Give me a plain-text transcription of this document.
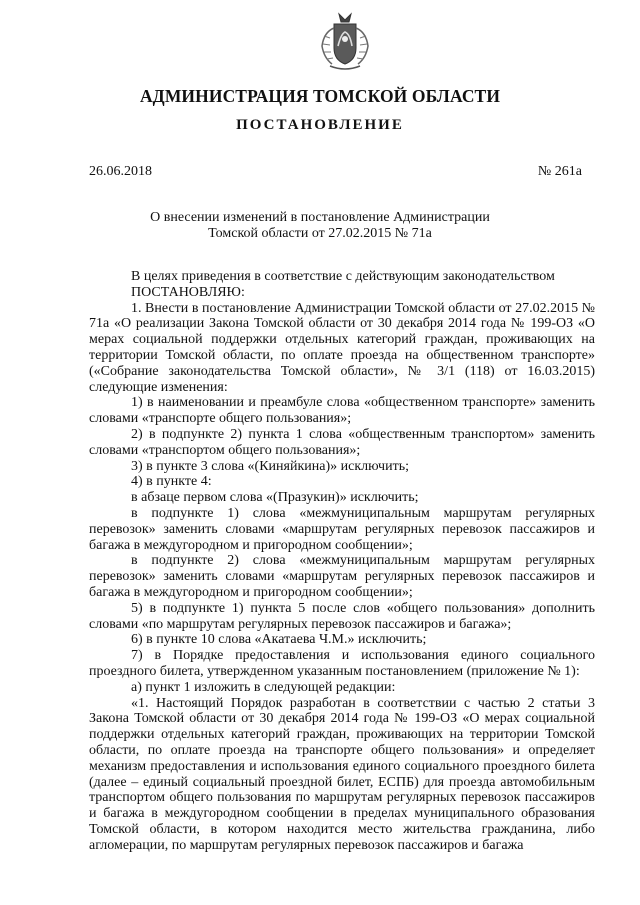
АДМИНИСТРАЦИЯ ТОМСКОЙ ОБЛАСТИ
ПОСТАНОВЛЕНИЕ
26.06.2018	№ 261а
О внесении изменений в постановление Администрации
Томской области от 27.02.2015 № 71а

В целях приведения в соответствие с действующим законодательством

ПОСТАНОВЛЯЮ:

1. Внести в постановление Администрации Томской области от 27.02.2015 № 71а «О реализации Закона Томской области от 30 декабря 2014 года № 199-ОЗ «О мерах социальной поддержки отдельных категорий граждан, проживающих на территории Томской области, по оплате проезда на общественном транспорте» («Собрание законодательства Томской области», № 3/1 (118) от 16.03.2015) следующие изменения:

1) в наименовании и преамбуле слова «общественном транспорте» заменить словами «транспорте общего пользования»;

2) в подпункте 2) пункта 1 слова «общественным транспортом» заменить словами «транспортом общего пользования»;

3) в пункте 3 слова «(Киняйкина)» исключить;

4) в пункте 4:

в абзаце первом слова «(Празукин)» исключить;

в подпункте 1) слова «межмуниципальным маршрутам регулярных перевозок» заменить словами «маршрутам регулярных перевозок пассажиров и багажа в междугородном и пригородном сообщении»;

в подпункте 2) слова «межмуниципальным маршрутам регулярных перевозок» заменить словами «маршрутам регулярных перевозок пассажиров и багажа в междугородном и пригородном сообщении»;

5) в подпункте 1) пункта 5 после слов «общего пользования» дополнить словами «по маршрутам регулярных перевозок пассажиров и багажа»;

6) в пункте 10 слова «Акатаева Ч.М.» исключить;

7) в Порядке предоставления и использования единого социального проездного билета, утвержденном указанным постановлением (приложение № 1):

а) пункт 1 изложить в следующей редакции:

«1. Настоящий Порядок разработан в соответствии с частью 2 статьи 3 Закона Томской области от 30 декабря 2014 года № 199-ОЗ «О мерах социальной поддержки отдельных категорий граждан, проживающих на территории Томской области, по оплате проезда на транспорте общего пользования» и определяет механизм предоставления и использования единого социального проездного билета (далее – единый социальный проездной билет, ЕСПБ) для проезда автомобильным транспортом общего пользования по маршрутам регулярных перевозок пассажиров и багажа в междугородном сообщении в пределах муниципального образования Томской области, в котором находится место жительства гражданина, либо агломерации, по маршрутам регулярных перевозок пассажиров и багажа
